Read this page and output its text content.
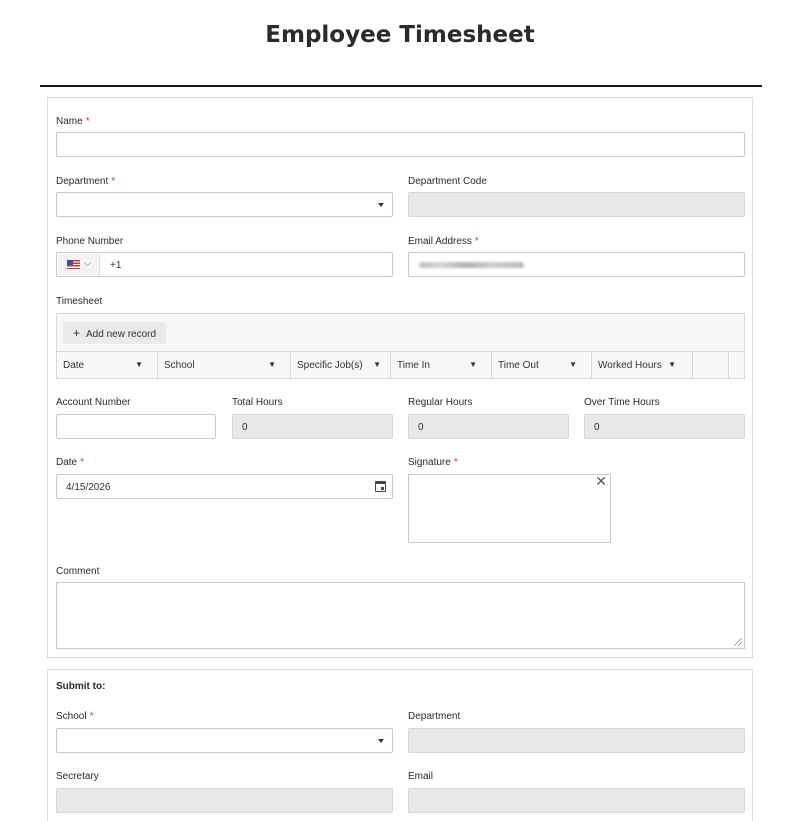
Employee Timesheet
Name *
Department *	Department Code
Phone Number
⌵ +1
Email Address *
Timesheet
+ Add new record
Date	▼ School	▼ Specific Job(s) ▼ Time In	▼ Time Out	▼ Worked Hours ▼
Account Number	Total Hours
0
Regular Hours
0
Over Time Hours
0
Date *
4/15/2026
Signature *
✕
Comment
Submit to:
School *	Department
Secretary	Email
